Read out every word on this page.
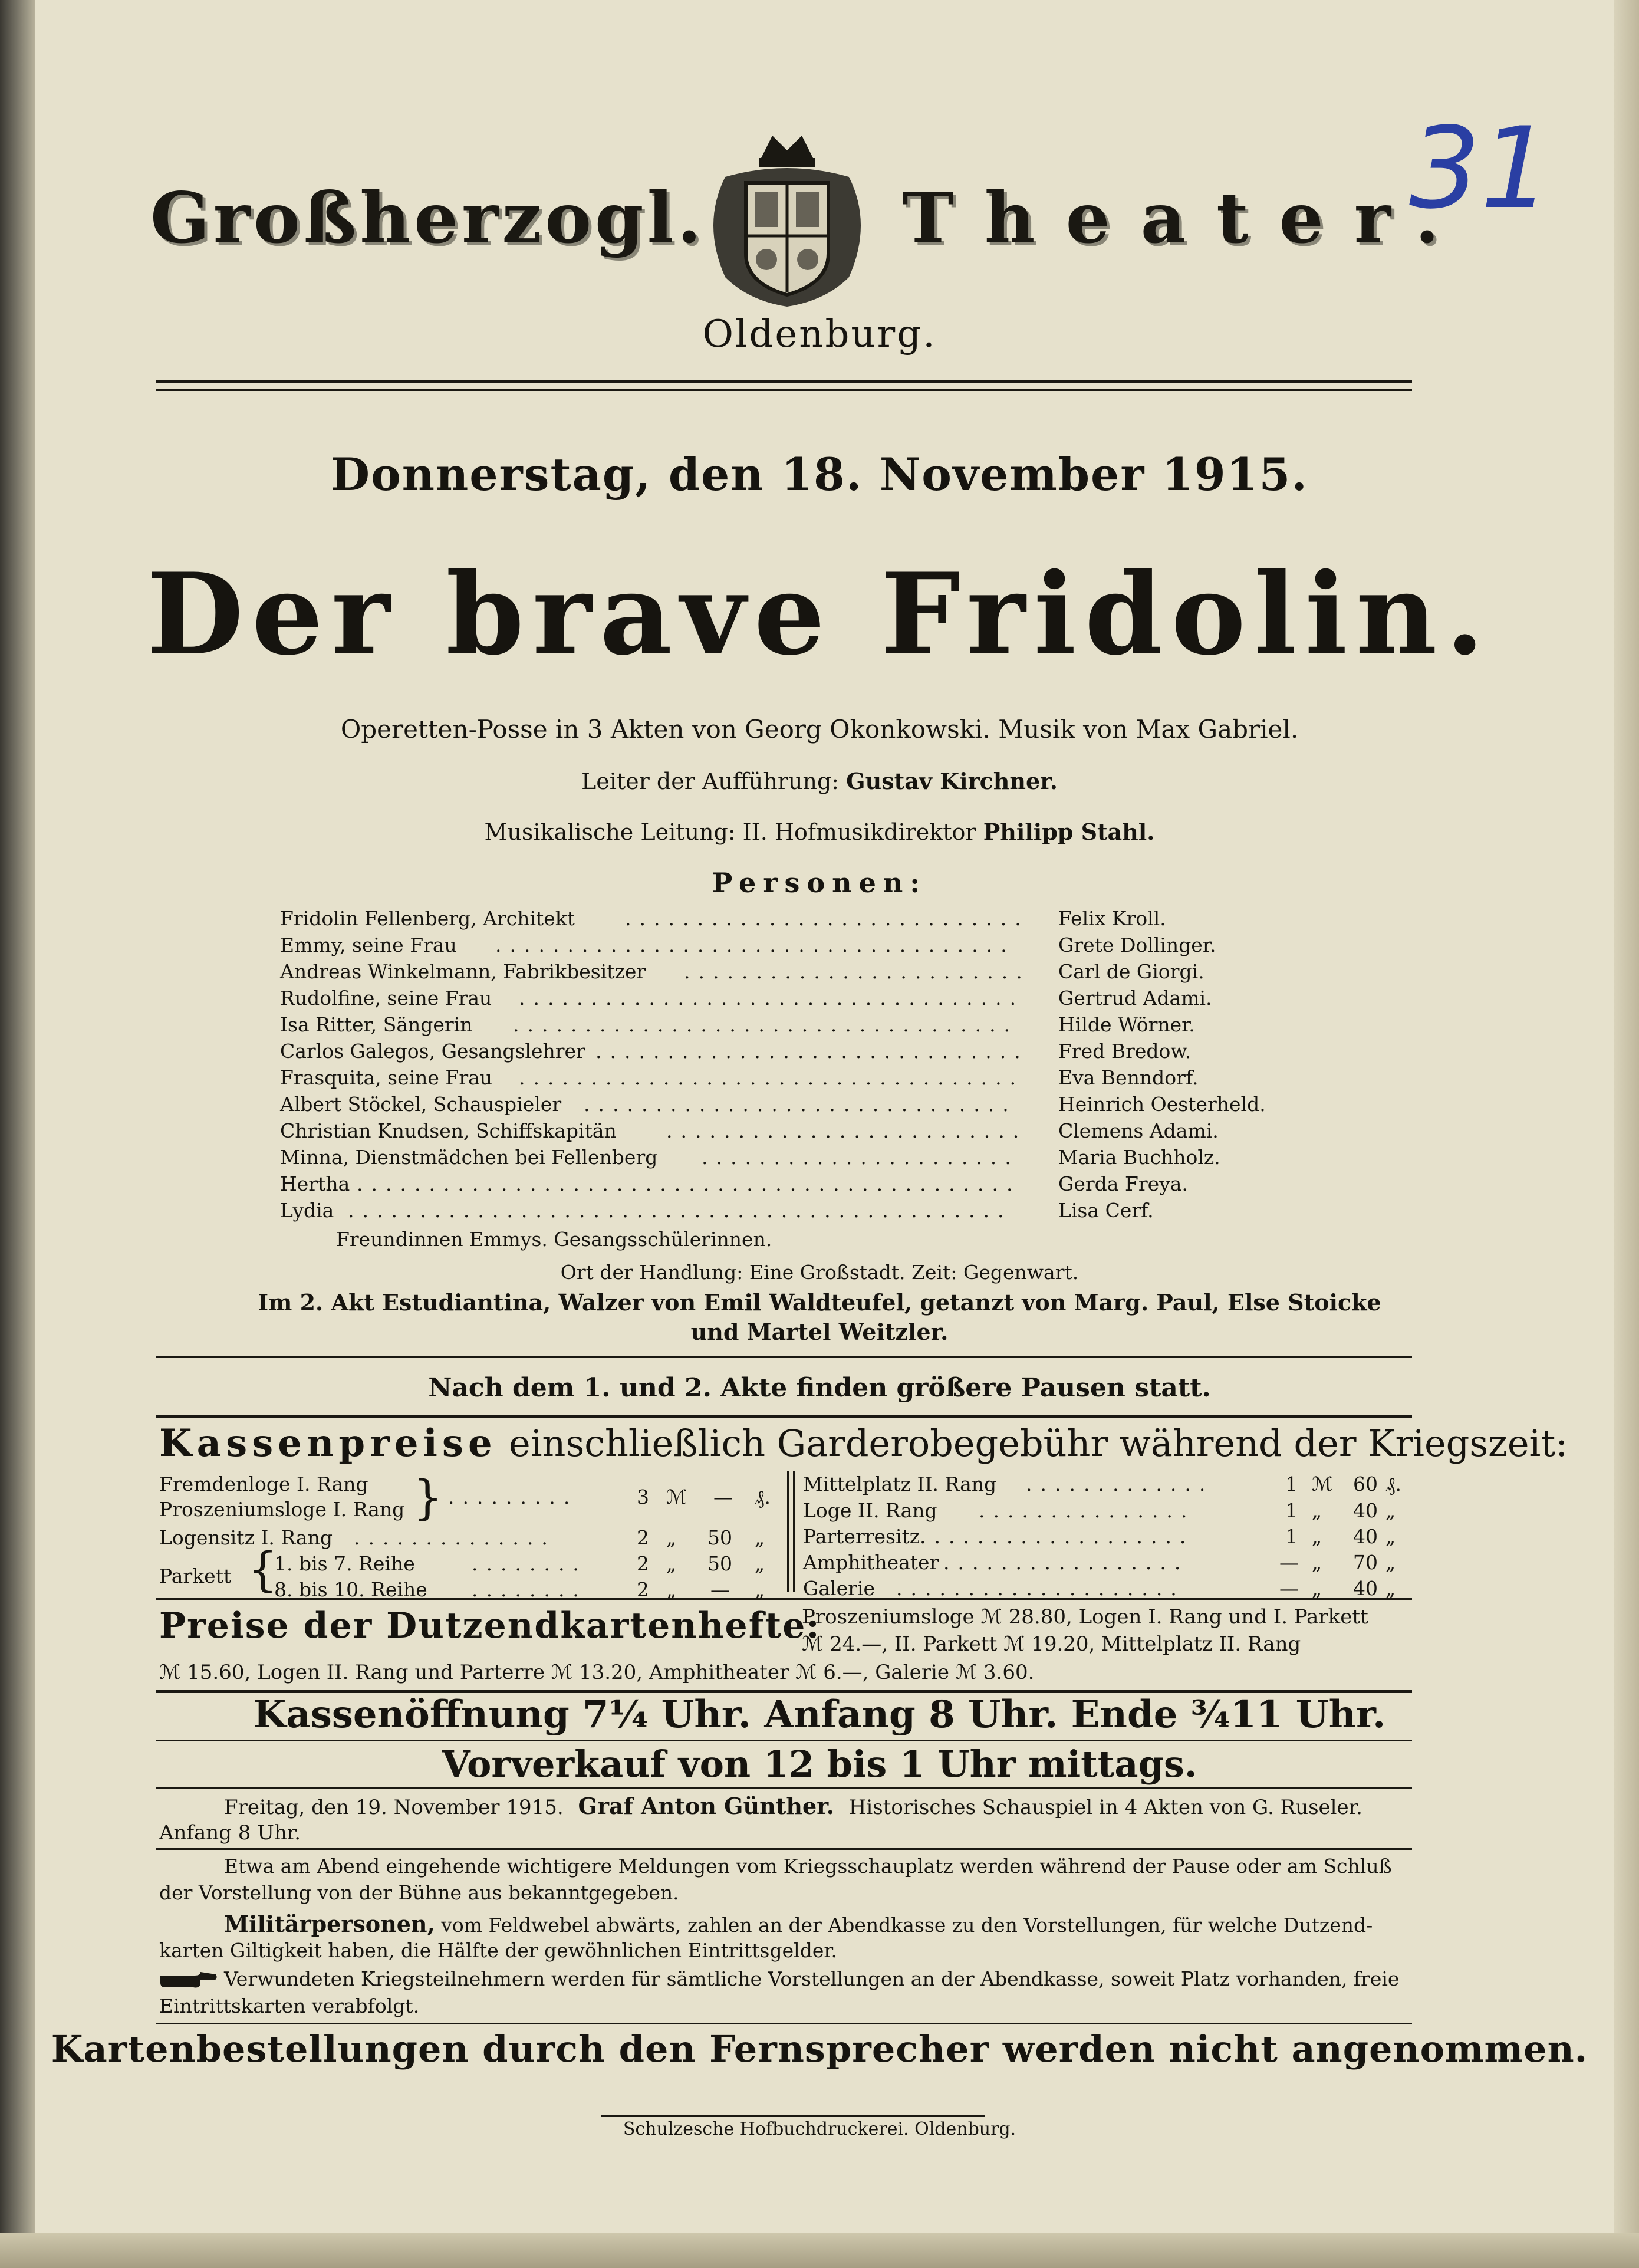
Großherzogl.	Theater.
31
Oldenburg.
Donnerstag, den 18. November 1915.
Der brave Fridolin.
Operetten-Posse in 3 Akten von Georg Okonkowski. Musik von Max Gabriel.
Leiter der Aufführung: Gustav Kirchner.
Musikalische Leitung: II. Hofmusikdirektor Philipp Stahl.
Personen:
Fridolin Fellenberg, Architekt	Felix Kroll.
Emmy, seine Frau	Grete Dollinger.
Andreas Winkelmann, Fabrikbesitzer	Carl de Giorgi.
Rudolfine, seine Frau	Gertrud Adami.
Isa Ritter, Sängerin	Hilde Wörner.
Carlos Galegos, Gesangslehrer	Fred Bredow.
Frasquita, seine Frau	Eva Benndorf.
Albert Stöckel, Schauspieler	Heinrich Oesterheld.
Christian Knudsen, Schiffskapitän	Clemens Adami.
Minna, Dienstmädchen bei Fellenberg	Maria Buchholz.
Hertha	Gerda Freya.
Lydia	Lisa Cerf.
............................
....................................
........................
...................................
...................................
..............................
...................................
..............................
.........................
......................
..............................................
..............................................
Freundinnen Emmys. Gesangsschülerinnen.
Ort der Handlung: Eine Großstadt. Zeit: Gegenwart.
Im 2. Akt Estudiantina, Walzer von Emil Waldteufel, getanzt von Marg. Paul, Else Stoicke
und Martel Weitzler.
Nach dem 1. und 2. Akte finden größere Pausen statt.
Kassenpreise einschließlich Garderobegebühr während der Kriegszeit:
Fremdenloge I. Rang
Proszeniumsloge I. Rang } .........	3 ℳ — ₰.
Logensitz I. Rang ..............	2 „ 50 „
Parkett {
1. bis 7. Reihe	........	2 „ 50 „
8. bis 10. Reihe ........	2 „ — „
Mittelplatz II. Rang .............	1 ℳ 60 ₰.
Loge II. Rang ...............	1 „ 40 „
Parterresitz ...................	1 „ 40 „
Amphitheater .................	— „ 70 „
Galerie ....................	— „ 40 „
Preise der Dutzendkartenhefte:
Proszeniumsloge ℳ 28.80, Logen I. Rang und I. Parkett
ℳ 24.—, II. Parkett ℳ 19.20, Mittelplatz II. Rang
ℳ 15.60, Logen II. Rang und Parterre ℳ 13.20, Amphitheater ℳ 6.—, Galerie ℳ 3.60.
Kassenöffnung 7¼ Uhr. Anfang 8 Uhr. Ende ¾11 Uhr.
Vorverkauf von 12 bis 1 Uhr mittags.
Freitag, den 19. November 1915. Graf Anton Günther. Historisches Schauspiel in 4 Akten von G. Ruseler.
Anfang 8 Uhr.
Etwa am Abend eingehende wichtigere Meldungen vom Kriegsschauplatz werden während der Pause oder am Schluß
der Vorstellung von der Bühne aus bekanntgegeben.
Militärpersonen, vom Feldwebel abwärts, zahlen an der Abendkasse zu den Vorstellungen, für welche Dutzend-
karten Giltigkeit haben, die Hälfte der gewöhnlichen Eintrittsgelder.
Verwundeten Kriegsteilnehmern werden für sämtliche Vorstellungen an der Abendkasse, soweit Platz vorhanden, freie
Eintrittskarten verabfolgt.
Kartenbestellungen durch den Fernsprecher werden nicht angenommen.
Schulzesche Hofbuchdruckerei. Oldenburg.
